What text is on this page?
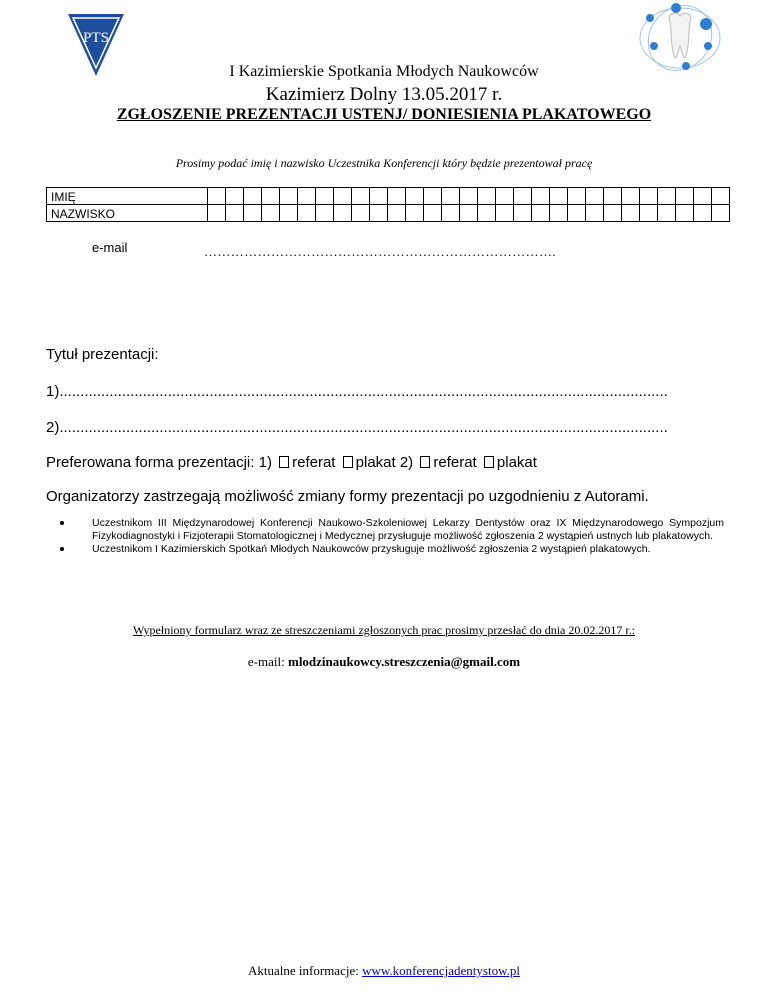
PTS
I Kazimierskie Spotkania Młodych Naukowców
Kazimierz Dolny 13.05.2017 r.
ZGŁOSZENIE PREZENTACJI USTENJ/ DONIESIENIA PLAKATOWEGO
Prosimy podać imię i nazwisko Uczestnika Konferencji który będzie prezentował pracę
IMIĘ																													
NAZWISKO																													
e-mail	…………………………………………………………………….
Tytuł prezentacji:
1)..................................................................................................................................................
2)..................................................................................................................................................
Preferowana forma prezentacji: 1) referat plakat 2) referat plakat
Organizatorzy zastrzegają możliwość zmiany formy prezentacji po uzgodnieniu z Autorami.

Uczestnikom III Międzynarodowej Konferencji Naukowo-Szkoleniowej Lekarzy Dentystów oraz IX Międzynarodowego Sympozjum Fizykodiagnostyki i Fizjoterapii Stomatologicznej i Medycznej przysługuje możliwość zgłoszenia 2 wystąpień ustnych lub plakatowych.

Uczestnikom I Kazimierskich Spotkań Młodych Naukowców przysługuje możliwość zgłoszenia 2 wystąpień plakatowych.

Wypełniony formularz wraz ze streszczeniami zgłoszonych prac prosimy przesłać do dnia 20.02.2017 r.:
e-mail: mlodzinaukowcy.streszczenia@gmail.com
Aktualne informacje: www.konferencjadentystow.pl
